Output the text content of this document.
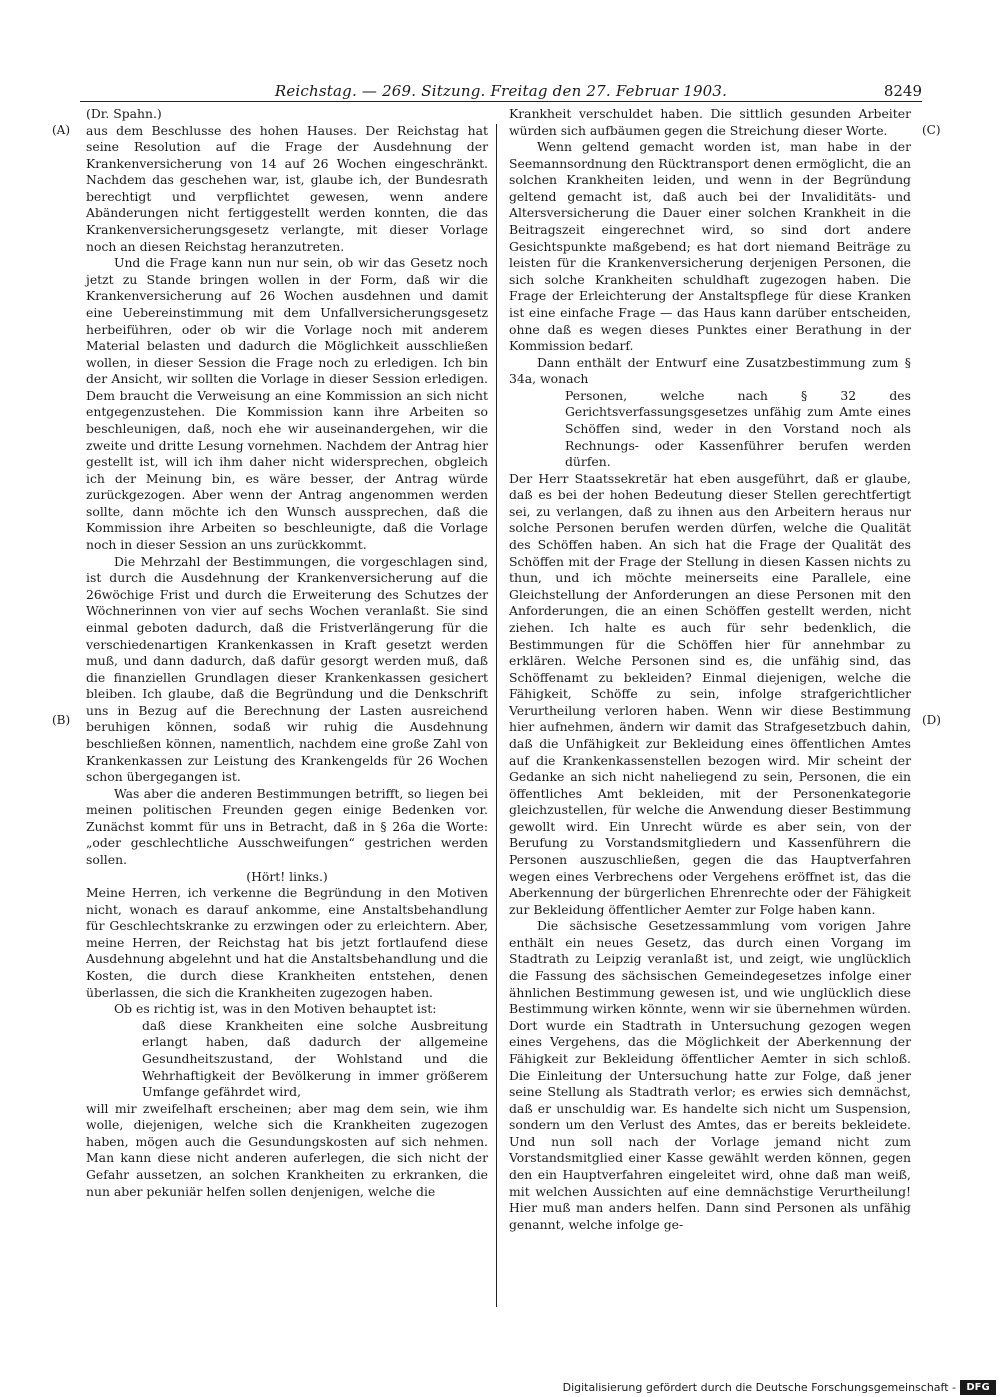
Reichstag. — 269. Sitzung. Freitag den 27. Februar 1903.	8249
(A)
(B)
(C)
(D)

(Dr. Spahn.)

aus dem Beschlusse des hohen Hauses. Der Reichstag hat seine Resolution auf die Frage der Ausdehnung der Krankenversicherung von 14 auf 26 Wochen eingeschränkt. Nachdem das geschehen war, ist, glaube ich, der Bundesrath berechtigt und verpflichtet gewesen, wenn andere Abänderungen nicht fertiggestellt werden konnten, die das Krankenversicherungsgesetz verlangte, mit dieser Vorlage noch an diesen Reichstag heranzutreten.

Und die Frage kann nun nur sein, ob wir das Gesetz noch jetzt zu Stande bringen wollen in der Form, daß wir die Krankenversicherung auf 26 Wochen ausdehnen und damit eine Uebereinstimmung mit dem Unfallversicherungsgesetz herbeiführen, oder ob wir die Vorlage noch mit anderem Material belasten und dadurch die Möglichkeit ausschließen wollen, in dieser Session die Frage noch zu erledigen. Ich bin der Ansicht, wir sollten die Vorlage in dieser Session erledigen. Dem braucht die Verweisung an eine Kommission an sich nicht entgegenzustehen. Die Kommission kann ihre Arbeiten so beschleunigen, daß, noch ehe wir auseinandergehen, wir die zweite und dritte Lesung vornehmen. Nachdem der Antrag hier gestellt ist, will ich ihm daher nicht widersprechen, obgleich ich der Meinung bin, es wäre besser, der Antrag würde zurückgezogen. Aber wenn der Antrag angenommen werden sollte, dann möchte ich den Wunsch aussprechen, daß die Kommission ihre Arbeiten so beschleunigte, daß die Vorlage noch in dieser Session an uns zurückkommt.

Die Mehrzahl der Bestimmungen, die vorgeschlagen sind, ist durch die Ausdehnung der Krankenversicherung auf die 26wöchige Frist und durch die Erweiterung des Schutzes der Wöchnerinnen von vier auf sechs Wochen veranlaßt. Sie sind einmal geboten dadurch, daß die Fristverlängerung für die verschiedenartigen Krankenkassen in Kraft gesetzt werden muß, und dann dadurch, daß dafür gesorgt werden muß, daß die finanziellen Grundlagen dieser Krankenkassen gesichert bleiben. Ich glaube, daß die Begründung und die Denkschrift uns in Bezug auf die Berechnung der Lasten ausreichend beruhigen können, sodaß wir ruhig die Ausdehnung beschließen können, namentlich, nachdem eine große Zahl von Krankenkassen zur Leistung des Krankengelds für 26 Wochen schon übergegangen ist.

Was aber die anderen Bestimmungen betrifft, so liegen bei meinen politischen Freunden gegen einige Bedenken vor. Zunächst kommt für uns in Betracht, daß in § 26a die Worte: „oder geschlechtliche Ausschweifungen“ gestrichen werden sollen.

(Hört! links.)

Meine Herren, ich verkenne die Begründung in den Motiven nicht, wonach es darauf ankomme, eine Anstaltsbehandlung für Geschlechtskranke zu erzwingen oder zu erleichtern. Aber, meine Herren, der Reichstag hat bis jetzt fortlaufend diese Ausdehnung abgelehnt und hat die Anstaltsbehandlung und die Kosten, die durch diese Krankheiten entstehen, denen überlassen, die sich die Krankheiten zugezogen haben.

Ob es richtig ist, was in den Motiven behauptet ist:

daß diese Krankheiten eine solche Ausbreitung erlangt haben, daß dadurch der allgemeine Gesundheitszustand, der Wohlstand und die Wehrhaftigkeit der Bevölkerung in immer größerem Umfange gefährdet wird,

will mir zweifelhaft erscheinen; aber mag dem sein, wie ihm wolle, diejenigen, welche sich die Krankheiten zugezogen haben, mögen auch die Gesundungskosten auf sich nehmen. Man kann diese nicht anderen auferlegen, die sich nicht der Gefahr aussetzen, an solchen Krankheiten zu erkranken, die nun aber pekuniär helfen sollen denjenigen, welche die

Krankheit verschuldet haben. Die sittlich gesunden Arbeiter würden sich aufbäumen gegen die Streichung dieser Worte.

Wenn geltend gemacht worden ist, man habe in der Seemannsordnung den Rücktransport denen ermöglicht, die an solchen Krankheiten leiden, und wenn in der Begründung geltend gemacht ist, daß auch bei der Invaliditäts- und Altersversicherung die Dauer einer solchen Krankheit in die Beitragszeit eingerechnet wird, so sind dort andere Gesichtspunkte maßgebend; es hat dort niemand Beiträge zu leisten für die Krankenversicherung derjenigen Personen, die sich solche Krankheiten schuldhaft zugezogen haben. Die Frage der Erleichterung der Anstaltspflege für diese Kranken ist eine einfache Frage — das Haus kann darüber entscheiden, ohne daß es wegen dieses Punktes einer Berathung in der Kommission bedarf.

Dann enthält der Entwurf eine Zusatzbestimmung zum § 34a, wonach

Personen, welche nach § 32 des Gerichtsverfassungsgesetzes unfähig zum Amte eines Schöffen sind, weder in den Vorstand noch als Rechnungs- oder Kassenführer berufen werden dürfen.

Der Herr Staatssekretär hat eben ausgeführt, daß er glaube, daß es bei der hohen Bedeutung dieser Stellen gerechtfertigt sei, zu verlangen, daß zu ihnen aus den Arbeitern heraus nur solche Personen berufen werden dürfen, welche die Qualität des Schöffen haben. An sich hat die Frage der Qualität des Schöffen mit der Frage der Stellung in diesen Kassen nichts zu thun, und ich möchte meinerseits eine Parallele, eine Gleichstellung der Anforderungen an diese Personen mit den Anforderungen, die an einen Schöffen gestellt werden, nicht ziehen. Ich halte es auch für sehr bedenklich, die Bestimmungen für die Schöffen hier für annehmbar zu erklären. Welche Personen sind es, die unfähig sind, das Schöffenamt zu bekleiden? Einmal diejenigen, welche die Fähigkeit, Schöffe zu sein, infolge strafgerichtlicher Verurtheilung verloren haben. Wenn wir diese Bestimmung hier aufnehmen, ändern wir damit das Strafgesetzbuch dahin, daß die Unfähigkeit zur Bekleidung eines öffentlichen Amtes auf die Krankenkassenstellen bezogen wird. Mir scheint der Gedanke an sich nicht naheliegend zu sein, Personen, die ein öffentliches Amt bekleiden, mit der Personenkategorie gleichzustellen, für welche die Anwendung dieser Bestimmung gewollt wird. Ein Unrecht würde es aber sein, von der Berufung zu Vorstandsmitgliedern und Kassenführern die Personen auszuschließen, gegen die das Hauptverfahren wegen eines Verbrechens oder Vergehens eröffnet ist, das die Aberkennung der bürgerlichen Ehrenrechte oder der Fähigkeit zur Bekleidung öffentlicher Aemter zur Folge haben kann.

Die sächsische Gesetzessammlung vom vorigen Jahre enthält ein neues Gesetz, das durch einen Vorgang im Stadtrath zu Leipzig veranlaßt ist, und zeigt, wie unglücklich die Fassung des sächsischen Gemeindegesetzes infolge einer ähnlichen Bestimmung gewesen ist, und wie unglücklich diese Bestimmung wirken könnte, wenn wir sie übernehmen würden. Dort wurde ein Stadtrath in Untersuchung gezogen wegen eines Vergehens, das die Möglichkeit der Aberkennung der Fähigkeit zur Bekleidung öffentlicher Aemter in sich schloß. Die Einleitung der Untersuchung hatte zur Folge, daß jener seine Stellung als Stadtrath verlor; es erwies sich demnächst, daß er unschuldig war. Es handelte sich nicht um Suspension, sondern um den Verlust des Amtes, das er bereits bekleidete. Und nun soll nach der Vorlage jemand nicht zum Vorstandsmitglied einer Kasse gewählt werden können, gegen den ein Hauptverfahren eingeleitet wird, ohne daß man weiß, mit welchen Aussichten auf eine demnächstige Verurtheilung! Hier muß man anders helfen. Dann sind Personen als unfähig genannt, welche infolge ge-

Digitalisierung gefördert durch die Deutsche Forschungsgemeinschaft -	DFG
